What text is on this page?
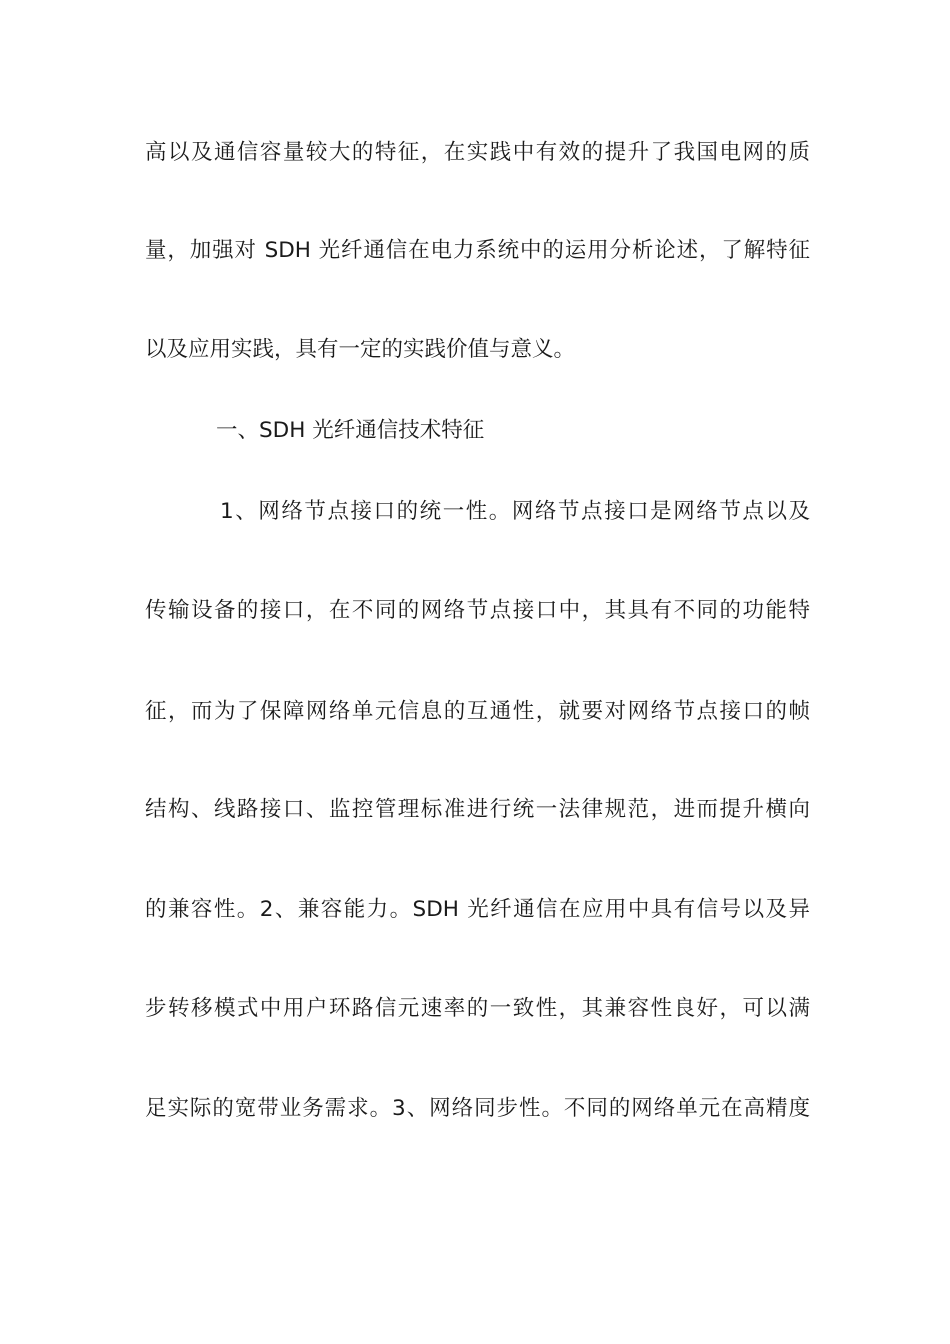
高以及通信容量较大的特征，在实践中有效的提升了我国电网的质
量，加强对 SDH 光纤通信在电力系统中的运用分析论述，了解特征
以及应用实践，具有一定的实践价值与意义。
一、SDH 光纤通信技术特征
1、网络节点接口的统一性。网络节点接口是网络节点以及
传输设备的接口，在不同的网络节点接口中，其具有不同的功能特
征，而为了保障网络单元信息的互通性，就要对网络节点接口的帧
结构、线路接口、监控管理标准进行统一法律规范，进而提升横向
的兼容性。2、兼容能力。SDH 光纤通信在应用中具有信号以及异
步转移模式中用户环路信元速率的一致性，其兼容性良好，可以满
足实际的宽带业务需求。3、网络同步性。不同的网络单元在高精度
